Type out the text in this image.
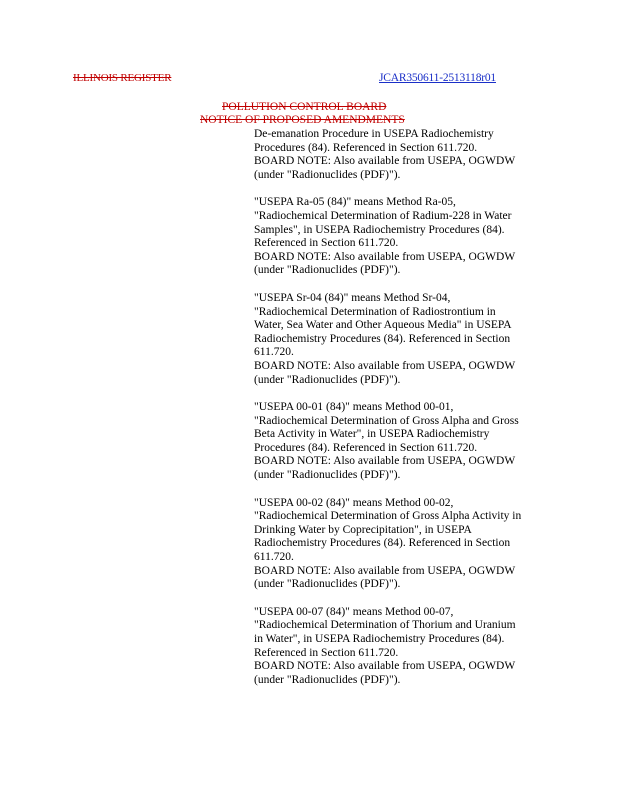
ILLINOIS REGISTER	JCAR350611-2513118r01
POLLUTION CONTROL BOARD
NOTICE OF PROPOSED AMENDMENTS

De-emanation Procedure in USEPA Radiochemistry

Procedures (84). Referenced in Section 611.720.

BOARD NOTE: Also available from USEPA, OGWDW

(under "Radionuclides (PDF)").

"USEPA Ra-05 (84)" means Method Ra-05,

"Radiochemical Determination of Radium-228 in Water

Samples", in USEPA Radiochemistry Procedures (84).

Referenced in Section 611.720.

BOARD NOTE: Also available from USEPA, OGWDW

(under "Radionuclides (PDF)").

"USEPA Sr-04 (84)" means Method Sr-04,

"Radiochemical Determination of Radiostrontium in

Water, Sea Water and Other Aqueous Media" in USEPA

Radiochemistry Procedures (84). Referenced in Section

611.720.

BOARD NOTE: Also available from USEPA, OGWDW

(under "Radionuclides (PDF)").

"USEPA 00-01 (84)" means Method 00-01,

"Radiochemical Determination of Gross Alpha and Gross

Beta Activity in Water", in USEPA Radiochemistry

Procedures (84). Referenced in Section 611.720.

BOARD NOTE: Also available from USEPA, OGWDW

(under "Radionuclides (PDF)").

"USEPA 00-02 (84)" means Method 00-02,

"Radiochemical Determination of Gross Alpha Activity in

Drinking Water by Coprecipitation", in USEPA

Radiochemistry Procedures (84). Referenced in Section

611.720.

BOARD NOTE: Also available from USEPA, OGWDW

(under "Radionuclides (PDF)").

"USEPA 00-07 (84)" means Method 00-07,

"Radiochemical Determination of Thorium and Uranium

in Water", in USEPA Radiochemistry Procedures (84).

Referenced in Section 611.720.

BOARD NOTE: Also available from USEPA, OGWDW

(under "Radionuclides (PDF)").
